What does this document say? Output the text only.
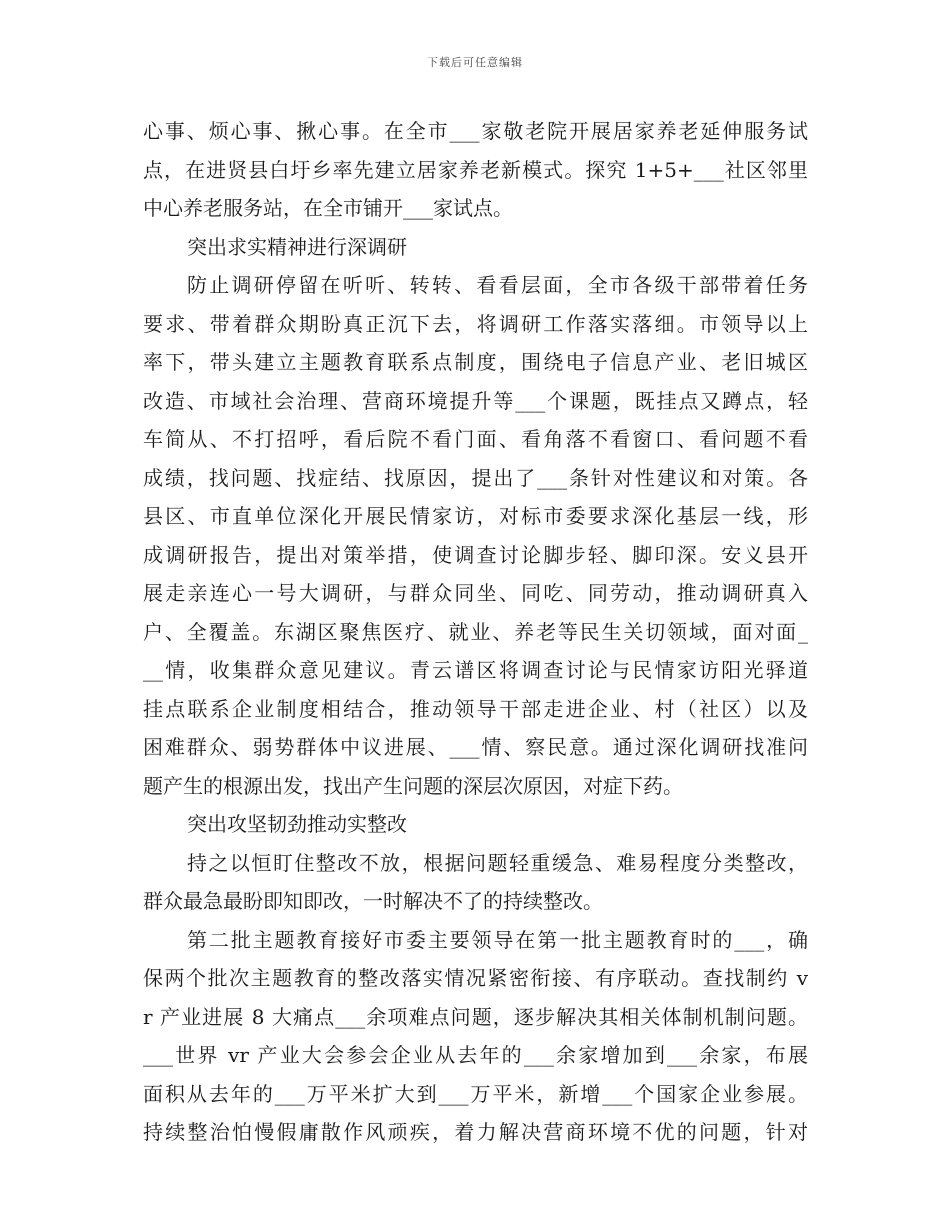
下载后可任意编辑
心事、烦心事、揪心事。在全市___家敬老院开展居家养老延伸服务试
点，在进贤县白圩乡率先建立居家养老新模式。探究 1+5+___社区邻里
中心养老服务站，在全市铺开___家试点。
突出求实精神进行深调研
防止调研停留在听听、转转、看看层面，全市各级干部带着任务
要求、带着群众期盼真正沉下去，将调研工作落实落细。市领导以上
率下，带头建立主题教育联系点制度，围绕电子信息产业、老旧城区
改造、市域社会治理、营商环境提升等___个课题，既挂点又蹲点，轻
车简从、不打招呼，看后院不看门面、看角落不看窗口、看问题不看
成绩，找问题、找症结、找原因，提出了___条针对性建议和对策。各
县区、市直单位深化开展民情家访，对标市委要求深化基层一线，形
成调研报告，提出对策举措，使调查讨论脚步轻、脚印深。安义县开
展走亲连心一号大调研，与群众同坐、同吃、同劳动，推动调研真入
户、全覆盖。东湖区聚焦医疗、就业、养老等民生关切领域，面对面_
__情，收集群众意见建议。青云谱区将调查讨论与民情家访阳光驿道
挂点联系企业制度相结合，推动领导干部走进企业、村（社区）以及
困难群众、弱势群体中议进展、___情、察民意。通过深化调研找准问
题产生的根源出发，找出产生问题的深层次原因，对症下药。
突出攻坚韧劲推动实整改
持之以恒盯住整改不放，根据问题轻重缓急、难易程度分类整改，
群众最急最盼即知即改，一时解决不了的持续整改。
第二批主题教育接好市委主要领导在第一批主题教育时的___，确
保两个批次主题教育的整改落实情况紧密衔接、有序联动。查找制约 v
r 产业进展 8 大痛点___余项难点问题，逐步解决其相关体制机制问题。
___世界 vr 产业大会参会企业从去年的___余家增加到___余家，布展
面积从去年的___万平米扩大到___万平米，新增___个国家企业参展。
持续整治怕慢假庸散作风顽疾，着力解决营商环境不优的问题，针对
